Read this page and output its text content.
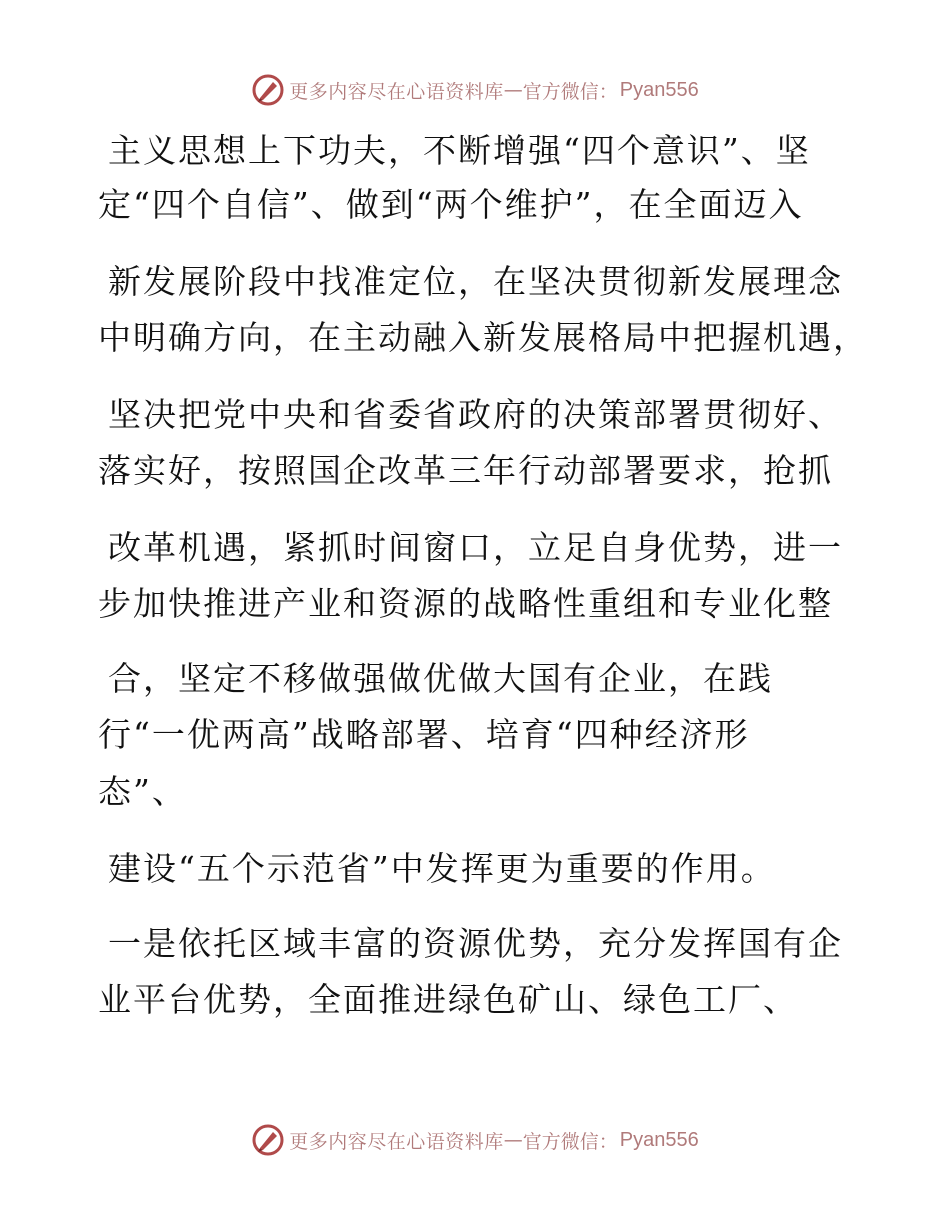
更多内容尽在心语资料库 — 官方微信： Pyan556
主义思想上下功夫，不断增强“四个意识”、坚
定“四个自信”、做到“两个维护”，在全面迈入
新发展阶段中找准定位，在坚决贯彻新发展理念
中明确方向，在主动融入新发展格局中把握机遇，
坚决把党中央和省委省政府的决策部署贯彻好、
落实好，按照国企改革三年行动部署要求，抢抓
改革机遇，紧抓时间窗口，立足自身优势，进一
步加快推进产业和资源的战略性重组和专业化整
合，坚定不移做强做优做大国有企业，在践
行“一优两高”战略部署、培育“四种经济形
态”、
建设“五个示范省”中发挥更为重要的作用。
一是依托区域丰富的资源优势，充分发挥国有企
业平台优势，全面推进绿色矿山、绿色工厂、
更多内容尽在心语资料库 — 官方微信： Pyan556
